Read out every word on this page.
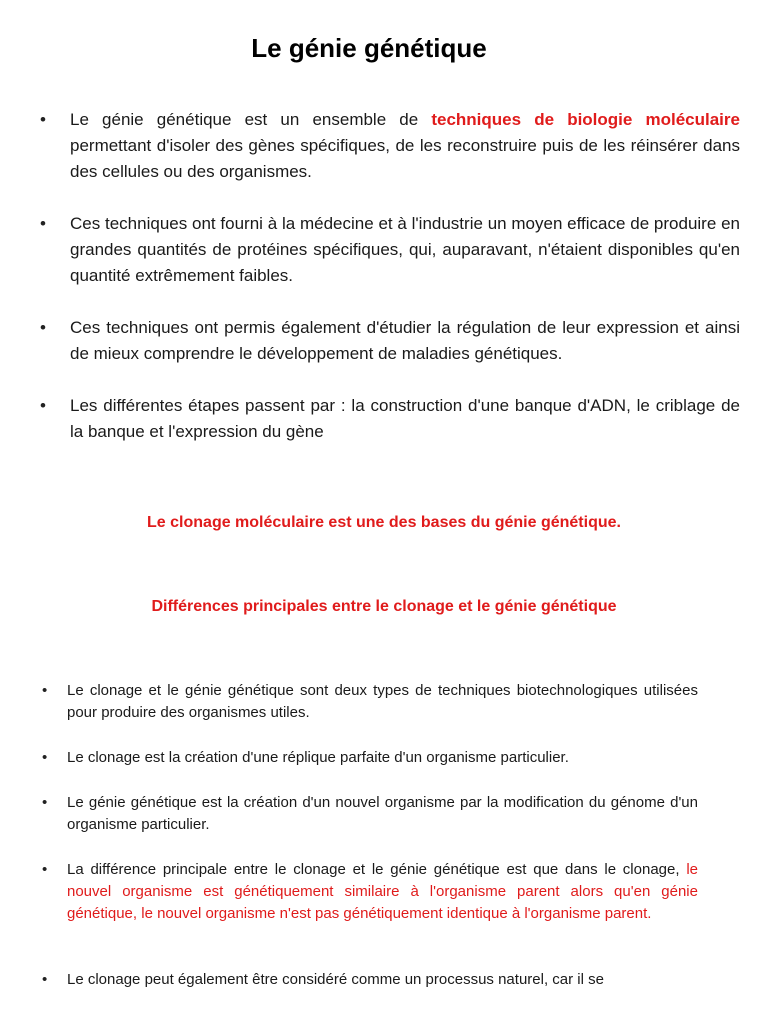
Le génie génétique
• Le génie génétique est un ensemble de techniques de biologie moléculaire permettant d'isoler des gènes spécifiques, de les reconstruire puis de les réinsérer dans des cellules ou des organismes.
• Ces techniques ont fourni à la médecine et à l'industrie un moyen efficace de produire en grandes quantités de protéines spécifiques, qui, auparavant, n'étaient disponibles qu'en quantité extrêmement faibles.
• Ces techniques ont permis également d'étudier la régulation de leur expression et ainsi de mieux comprendre le développement de maladies génétiques.
• Les différentes étapes passent par : la construction d'une banque d'ADN, le criblage de la banque et l'expression du gène

Le clonage moléculaire est une des bases du génie génétique.

Différences principales entre le clonage et le génie génétique

• Le clonage et le génie génétique sont deux types de techniques biotechnologiques utilisées pour produire des organismes utiles.
• Le clonage est la création d'une réplique parfaite d'un organisme particulier.
• Le génie génétique est la création d'un nouvel organisme par la modification du génome d'un organisme particulier.
• La différence principale entre le clonage et le génie génétique est que dans le clonage, le nouvel organisme est génétiquement similaire à l'organisme parent alors qu'en génie génétique, le nouvel organisme n'est pas génétiquement identique à l'organisme parent.
• Le clonage peut également être considéré comme un processus naturel, car il se
